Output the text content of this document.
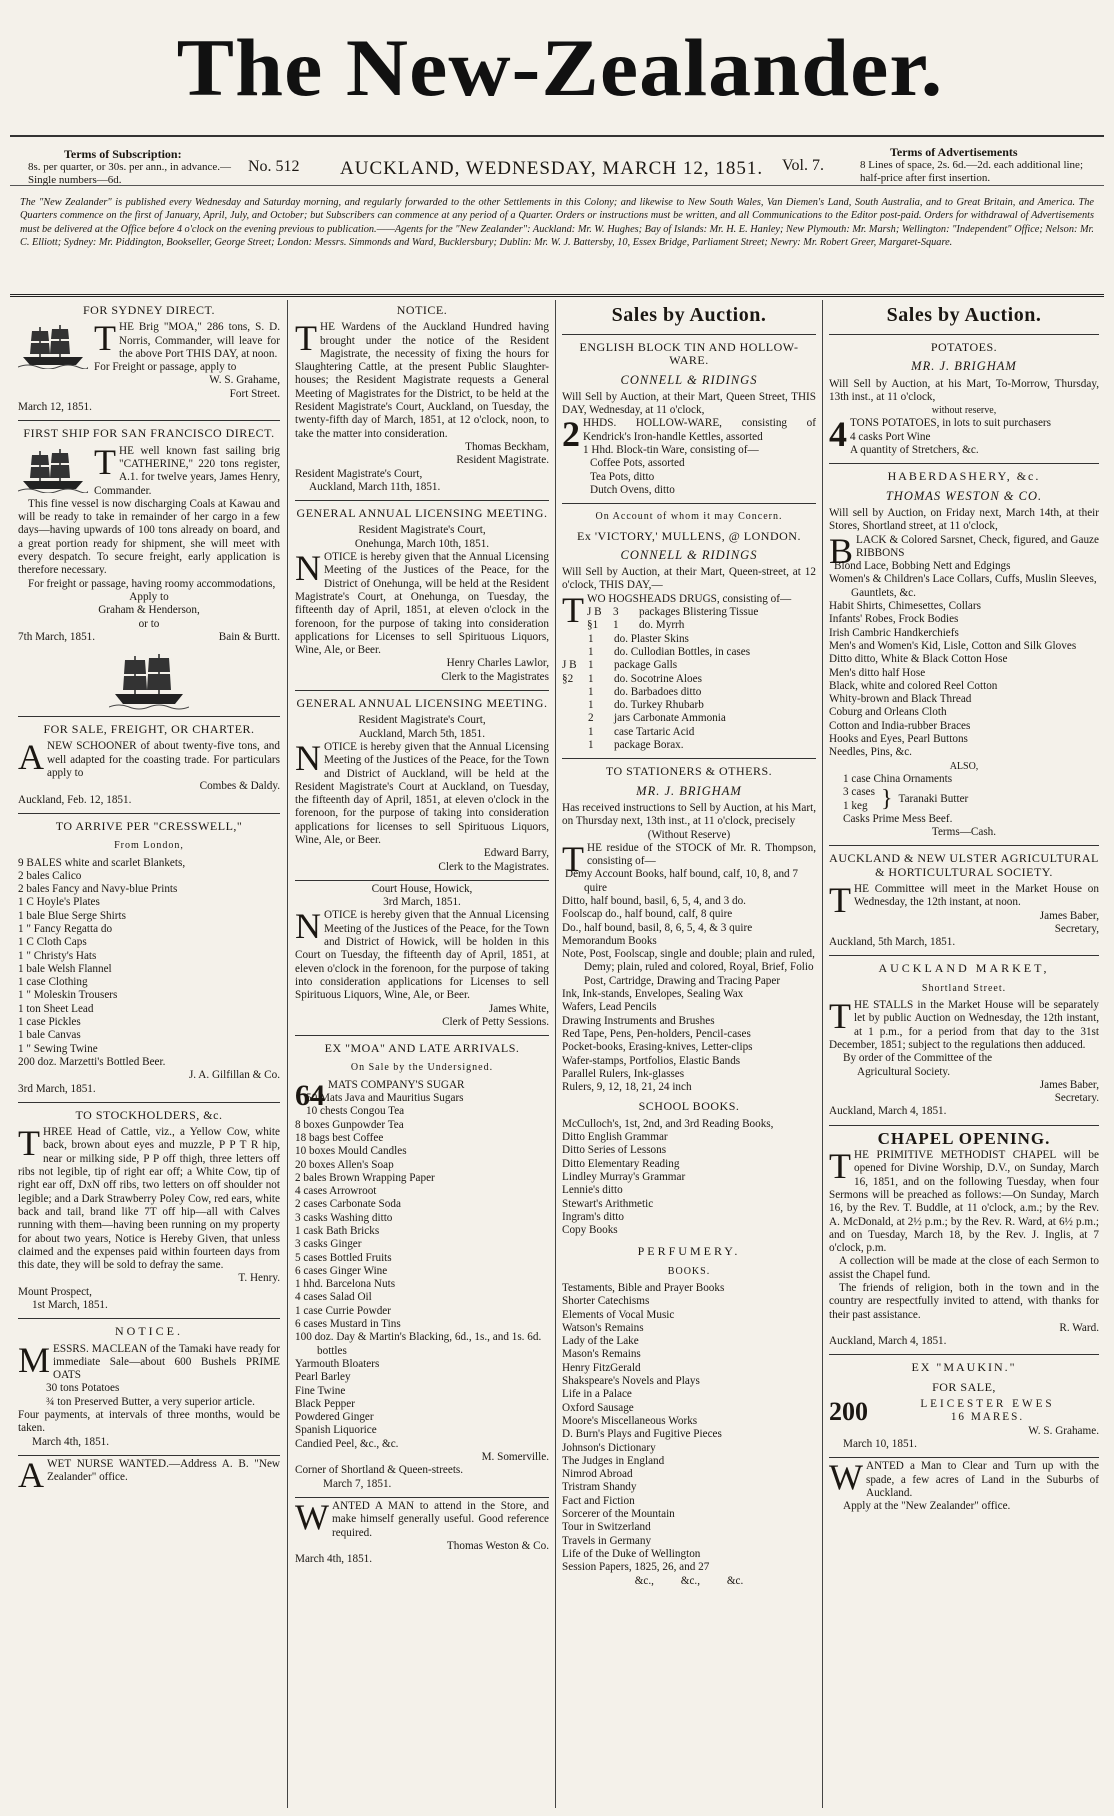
The New-Zealander.
Terms of Subscription:
8s. per quarter, or 30s. per ann., in advance.—Single numbers—6d.
No. 512 AUCKLAND, WEDNESDAY, MARCH 12, 1851. Vol. 7.
Terms of Advertisements
8 Lines of space, 2s. 6d.—2d. each additional line; half-price after first insertion.
The "New Zealander" is published every Wednesday and Saturday morning, and regularly forwarded to the other Settlements in this Colony; and likewise to New South Wales, Van Diemen's Land, South Australia, and to Great Britain, and America. The Quarters commence on the first of January, April, July, and October; but Subscribers can commence at any period of a Quarter. Orders or instructions must be written, and all Communications to the Editor post-paid. Orders for withdrawal of Advertisements must be delivered at the Office before 4 o'clock on the evening previous to publication.——Agents for the "New Zealander": Auckland: Mr. W. Hughes; Bay of Islands: Mr. H. E. Hanley; New Plymouth: Mr. Marsh; Wellington: "Independent" Office; Nelson: Mr. C. Elliott; Sydney: Mr. Piddington, Bookseller, George Street; London: Messrs. Simmonds and Ward, Bucklersbury; Dublin: Mr. W. J. Battersby, 10, Essex Bridge, Parliament Street; Newry: Mr. Robert Greer, Margaret-Square.
FOR SYDNEY DIRECT.

THE Brig "MOA," 286 tons, S. D. Norris, Commander, will leave for the above Port THIS DAY, at noon.

For Freight or passage, apply to

W. S. Grahame,

Fort Street.

March 12, 1851.

FIRST SHIP FOR SAN FRANCISCO DIRECT.

THE well known fast sailing brig "CATHERINE," 220 tons register, A.1. for twelve years, James Henry, Commander.

This fine vessel is now discharging Coals at Kawau and will be ready to take in remainder of her cargo in a few days—having upwards of 100 tons already on board, and a great portion ready for shipment, she will meet with every despatch. To secure freight, early application is therefore necessary.

For freight or passage, having roomy accommodations,

Apply to

Graham & Henderson,

or to

7th March, 1851.	Bain & Burtt.
FOR SALE, FREIGHT, OR CHARTER.

ANEW SCHOONER of about twenty-five tons, and well adapted for the coasting trade. For particulars apply to

Combes & Daldy.

Auckland, Feb. 12, 1851.

TO ARRIVE PER "CRESSWELL,"
From London,

9 BALES white and scarlet Blankets,

2 bales Calico

2 bales Fancy and Navy-blue Prints

1 C Hoyle's Plates

1 bale Blue Serge Shirts

1 " Fancy Regatta do

1 C Cloth Caps

1 " Christy's Hats

1 bale Welsh Flannel

1 case Clothing

1 " Moleskin Trousers

1 ton Sheet Lead

1 case Pickles

1 bale Canvas

1 " Sewing Twine

200 doz. Marzetti's Bottled Beer.

J. A. Gilfillan & Co.

3rd March, 1851.

TO STOCKHOLDERS, &c.

THREE Head of Cattle, viz., a Yellow Cow, white back, brown about eyes and muzzle, P P T R hip, near or milking side, P P off thigh, three letters off ribs not legible, tip of right ear off; a White Cow, tip of right ear off, DxN off ribs, two letters on off shoulder not legible; and a Dark Strawberry Poley Cow, red ears, white back and tail, brand like 7T off hip—all with Calves running with them—having been running on my property for about two years, Notice is Hereby Given, that unless claimed and the expenses paid within fourteen days from this date, they will be sold to defray the same.

T. Henry.

Mount Prospect,

1st March, 1851.

NOTICE.

MESSRS. MACLEAN of the Tamaki have ready for immediate Sale—about 600 Bushels PRIME OATS

30 tons Potatoes

¾ ton Preserved Butter, a very superior article.

Four payments, at intervals of three months, would be taken.

March 4th, 1851.

AWET NURSE WANTED.—Address A. B. "New Zealander" office.

NOTICE.

THE Wardens of the Auckland Hundred having brought under the notice of the Resident Magistrate, the necessity of fixing the hours for Slaughtering Cattle, at the present Public Slaughter-houses; the Resident Magistrate requests a General Meeting of Magistrates for the District, to be held at the Resident Magistrate's Court, Auckland, on Tuesday, the twenty-fifth day of March, 1851, at 12 o'clock, noon, to take the matter into consideration.

Thomas Beckham,

Resident Magistrate.

Resident Magistrate's Court,

Auckland, March 11th, 1851.

GENERAL ANNUAL LICENSING MEETING.

Resident Magistrate's Court,

Onehunga, March 10th, 1851.

NOTICE is hereby given that the Annual Licensing Meeting of the Justices of the Peace, for the District of Onehunga, will be held at the Resident Magistrate's Court, at Onehunga, on Tuesday, the fifteenth day of April, 1851, at eleven o'clock in the forenoon, for the purpose of taking into consideration applications for Licenses to sell Spirituous Liquors, Wine, Ale, or Beer.

Henry Charles Lawlor,

Clerk to the Magistrates

GENERAL ANNUAL LICENSING MEETING.

Resident Magistrate's Court,

Auckland, March 5th, 1851.

NOTICE is hereby given that the Annual Licensing Meeting of the Justices of the Peace, for the Town and District of Auckland, will be held at the Resident Magistrate's Court at Auckland, on Tuesday, the fifteenth day of April, 1851, at eleven o'clock in the forenoon, for the purpose of taking into consideration applications for licenses to sell Spirituous Liquors, Wine, Ale, or Beer.

Edward Barry,

Clerk to the Magistrates.

Court House, Howick,

3rd March, 1851.

NOTICE is hereby given that the Annual Licensing Meeting of the Justices of the Peace, for the Town and District of Howick, will be holden in this Court on Tuesday, the fifteenth day of April, 1851, at eleven o'clock in the forenoon, for the purpose of taking into consideration applications for Licenses to sell Spirituous Liquors, Wine, Ale, or Beer.

James White,

Clerk of Petty Sessions.

EX "MOA" AND LATE ARRIVALS.
On Sale by the Undersigned.

64 MATS COMPANY'S SUGAR

50 Mats Java and Mauritius Sugars

10 chests Congou Tea

8 boxes Gunpowder Tea

18 bags best Coffee

10 boxes Mould Candles

20 boxes Allen's Soap

2 bales Brown Wrapping Paper

4 cases Arrowroot

2 cases Carbonate Soda

3 casks Washing ditto

1 cask Bath Bricks

3 casks Ginger

5 cases Bottled Fruits

6 cases Ginger Wine

1 hhd. Barcelona Nuts

4 cases Salad Oil

1 case Currie Powder

6 cases Mustard in Tins

100 doz. Day & Martin's Blacking, 6d., 1s., and 1s. 6d. bottles

Yarmouth Bloaters

Pearl Barley

Fine Twine

Black Pepper

Powdered Ginger

Spanish Liquorice

Candied Peel, &c., &c.

M. Somerville.

Corner of Shortland & Queen-streets.

March 7, 1851.

WANTED A MAN to attend in the Store, and make himself generally useful. Good reference required.

Thomas Weston & Co.

March 4th, 1851.

Sales by Auction.
ENGLISH BLOCK TIN AND HOLLOW-WARE.
CONNELL & RIDINGS

Will Sell by Auction, at their Mart, Queen Street, THIS DAY, Wednesday, at 11 o'clock,

2 HHDS. HOLLOW-WARE, consisting of Kendrick's Iron-handle Kettles, assorted

1 Hhd. Block-tin Ware, consisting of—

Coffee Pots, assorted

Tea Pots, ditto

Dutch Ovens, ditto

On Account of whom it may Concern.
Ex 'VICTORY,' MULLENS, @ LONDON.
CONNELL & RIDINGS

Will Sell by Auction, at their Mart, Queen-street, at 12 o'clock, THIS DAY,—

TWO HOGSHEADS DRUGS, consisting of—

J B	3	packages Blistering Tissue
§1	1	do. Myrrh
1	do. Plaster Skins
1	do. Cullodian Bottles, in cases
J B	1	package Galls
§2	1	do. Socotrine Aloes
1	do. Barbadoes ditto
1	do. Turkey Rhubarb
2	jars Carbonate Ammonia
1	case Tartaric Acid
1	package Borax.
TO STATIONERS & OTHERS.
MR. J. BRIGHAM

Has received instructions to Sell by Auction, at his Mart, on Thursday next, 13th inst., at 11 o'clock, precisely

(Without Reserve)

THE residue of the STOCK of Mr. R. Thompson, consisting of—

Demy Account Books, half bound, calf, 10, 8, and 7 quire

Ditto, half bound, basil, 6, 5, 4, and 3 do.

Foolscap do., half bound, calf, 8 quire

Do., half bound, basil, 8, 6, 5, 4, & 3 quire

Memorandum Books

Note, Post, Foolscap, single and double; plain and ruled, Demy; plain, ruled and colored, Royal, Brief, Folio Post, Cartridge, Drawing and Tracing Paper

Ink, Ink-stands, Envelopes, Sealing Wax

Wafers, Lead Pencils

Drawing Instruments and Brushes

Red Tape, Pens, Pen-holders, Pencil-cases

Pocket-books, Erasing-knives, Letter-clips

Wafer-stamps, Portfolios, Elastic Bands

Parallel Rulers, Ink-glasses

Rulers, 9, 12, 18, 21, 24 inch

SCHOOL BOOKS.

McCulloch's, 1st, 2nd, and 3rd Reading Books,

Ditto English Grammar

Ditto Series of Lessons

Ditto Elementary Reading

Lindley Murray's Grammar

Lennie's ditto

Stewart's Arithmetic

Ingram's ditto

Copy Books

PERFUMERY.
BOOKS.

Testaments, Bible and Prayer Books

Shorter Catechisms

Elements of Vocal Music

Watson's Remains

Lady of the Lake

Mason's Remains

Henry FitzGerald

Shakspeare's Novels and Plays

Life in a Palace

Oxford Sausage

Moore's Miscellaneous Works

D. Burn's Plays and Fugitive Pieces

Johnson's Dictionary

The Judges in England

Nimrod Abroad

Tristram Shandy

Fact and Fiction

Sorcerer of the Mountain

Tour in Switzerland

Travels in Germany

Life of the Duke of Wellington

Session Papers, 1825, 26, and 27

&c., &c., &c.

Sales by Auction.
POTATOES.
MR. J. BRIGHAM

Will Sell by Auction, at his Mart, To-Morrow, Thursday, 13th inst., at 11 o'clock,

without reserve,

4 TONS POTATOES, in lots to suit purchasers

4 casks Port Wine

A quantity of Stretchers, &c.

HABERDASHERY, &c.
THOMAS WESTON & CO.

Will sell by Auction, on Friday next, March 14th, at their Stores, Shortland street, at 11 o'clock,

BLACK & Colored Sarsnet, Check, figured, and Gauze RIBBONS

Blond Lace, Bobbing Nett and Edgings

Women's & Children's Lace Collars, Cuffs, Muslin Sleeves, Gauntlets, &c.

Habit Shirts, Chimesettes, Collars

Infants' Robes, Frock Bodies

Irish Cambric Handkerchiefs

Men's and Women's Kid, Lisle, Cotton and Silk Gloves

Ditto ditto, White & Black Cotton Hose

Men's ditto half Hose

Black, white and colored Reel Cotton

Whity-brown and Black Thread

Coburg and Orleans Cloth

Cotton and India-rubber Braces

Hooks and Eyes, Pearl Buttons

Needles, Pins, &c.

ALSO,

1 case China Ornaments

3 cases
1 keg } Taranaki Butter

Casks Prime Mess Beef.

Terms—Cash.

AUCKLAND & NEW ULSTER AGRICULTURAL & HORTICULTURAL SOCIETY.

THE Committee will meet in the Market House on Wednesday, the 12th instant, at noon.

James Baber,

Secretary,

Auckland, 5th March, 1851.

AUCKLAND MARKET,
Shortland Street.

THE STALLS in the Market House will be separately let by public Auction on Wednesday, the 12th instant, at 1 p.m., for a period from that day to the 31st December, 1851; subject to the regulations then adduced.

By order of the Committee of the

Agricultural Society.

James Baber,

Secretary.

Auckland, March 4, 1851.

CHAPEL OPENING.

THE PRIMITIVE METHODIST CHAPEL will be opened for Divine Worship, D.V., on Sunday, March 16, 1851, and on the following Tuesday, when four Sermons will be preached as follows:—On Sunday, March 16, by the Rev. T. Buddle, at 11 o'clock, a.m.; by the Rev. A. McDonald, at 2½ p.m.; by the Rev. R. Ward, at 6½ p.m.; and on Tuesday, March 18, by the Rev. J. Inglis, at 7 o'clock, p.m.

A collection will be made at the close of each Sermon to assist the Chapel fund.

The friends of religion, both in the town and in the country are respectfully invited to attend, with thanks for their past assistance.

R. Ward.

Auckland, March 4, 1851.

EX "MAUKIN."
FOR SALE,
200	LEICESTER EWES
16 MARES.

W. S. Grahame.

March 10, 1851.

WANTED a Man to Clear and Turn up with the spade, a few acres of Land in the Suburbs of Auckland.

Apply at the "New Zealander" office.
